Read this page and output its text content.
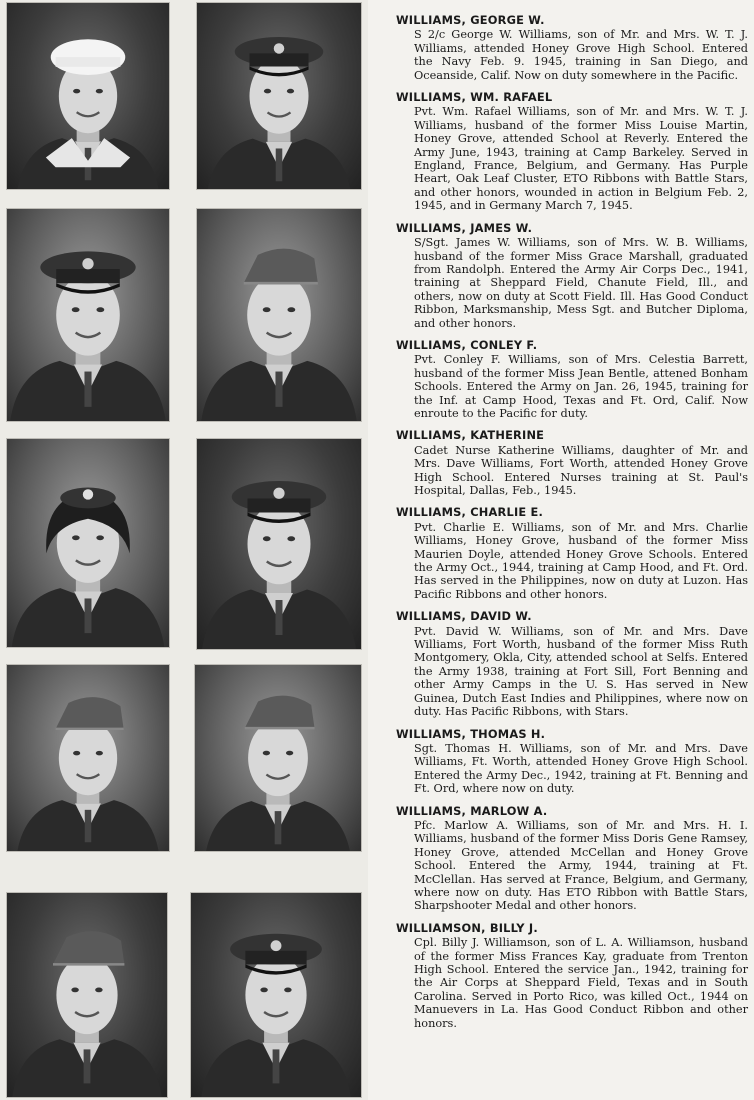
WILLIAMS, GEORGE W.
S 2/c George W. Williams, son of Mr. and Mrs. W. T. J. Williams, attended Honey Grove High School. Entered the Navy Feb. 9. 1945, training in San Diego, and Oceanside, Calif. Now on duty somewhere in the Pacific.
WILLIAMS, WM. RAFAEL
Pvt. Wm. Rafael Williams, son of Mr. and Mrs. W. T. J. Williams, husband of the former Miss Louise Martin, Honey Grove, attended School at Reverly. Entered the Army June, 1943, training at Camp Barkeley. Served in England, France, Belgium, and Germany. Has Purple Heart, Oak Leaf Cluster, ETO Ribbons with Battle Stars, and other honors, wounded in action in Belgium Feb. 2, 1945, and in Germany March 7, 1945.
WILLIAMS, JAMES W.
S/Sgt. James W. Williams, son of Mrs. W. B. Williams, husband of the former Miss Grace Marshall, graduated from Randolph. Entered the Army Air Corps Dec., 1941, training at Sheppard Field, Chanute Field, Ill., and others, now on duty at Scott Field. Ill. Has Good Conduct Ribbon, Marksmanship, Mess Sgt. and Butcher Diploma, and other honors.
WILLIAMS, CONLEY F.
Pvt. Conley F. Williams, son of Mrs. Celestia Barrett, husband of the former Miss Jean Bentle, attened Bonham Schools. Entered the Army on Jan. 26, 1945, training for the Inf. at Camp Hood, Texas and Ft. Ord, Calif. Now enroute to the Pacific for duty.
WILLIAMS, KATHERINE
Cadet Nurse Katherine Williams, daughter of Mr. and Mrs. Dave Williams, Fort Worth, attended Honey Grove High School. Entered Nurses training at St. Paul's Hospital, Dallas, Feb., 1945.
WILLIAMS, CHARLIE E.
Pvt. Charlie E. Williams, son of Mr. and Mrs. Charlie Williams, Honey Grove, husband of the former Miss Maurien Doyle, attended Honey Grove Schools. Entered the Army Oct., 1944, training at Camp Hood, and Ft. Ord. Has served in the Philippines, now on duty at Luzon. Has Pacific Ribbons and other honors.
WILLIAMS, DAVID W.
Pvt. David W. Williams, son of Mr. and Mrs. Dave Williams, Fort Worth, husband of the former Miss Ruth Montgomery, Okla, City, attended school at Selfs. Entered the Army 1938, training at Fort Sill, Fort Benning and other Army Camps in the U. S. Has served in New Guinea, Dutch East Indies and Philippines, where now on duty. Has Pacific Ribbons, with Stars.
WILLIAMS, THOMAS H.
Sgt. Thomas H. Williams, son of Mr. and Mrs. Dave Williams, Ft. Worth, attended Honey Grove High School. Entered the Army Dec., 1942, training at Ft. Benning and Ft. Ord, where now on duty.
WILLIAMS, MARLOW A.
Pfc. Marlow A. Williams, son of Mr. and Mrs. H. I. Williams, husband of the former Miss Doris Gene Ramsey, Honey Grove, attended McCellan and Honey Grove School. Entered the Army, 1944, training at Ft. McClellan. Has served at France, Belgium, and Germany, where now on duty. Has ETO Ribbon with Battle Stars, Sharpshooter Medal and other honors.
WILLIAMSON, BILLY J.
Cpl. Billy J. Williamson, son of L. A. Williamson, husband of the former Miss Frances Kay, graduate from Trenton High School. Entered the service Jan., 1942, training for the Air Corps at Sheppard Field, Texas and in South Carolina. Served in Porto Rico, was killed Oct., 1944 on Manuevers in La. Has Good Conduct Ribbon and other honors.
